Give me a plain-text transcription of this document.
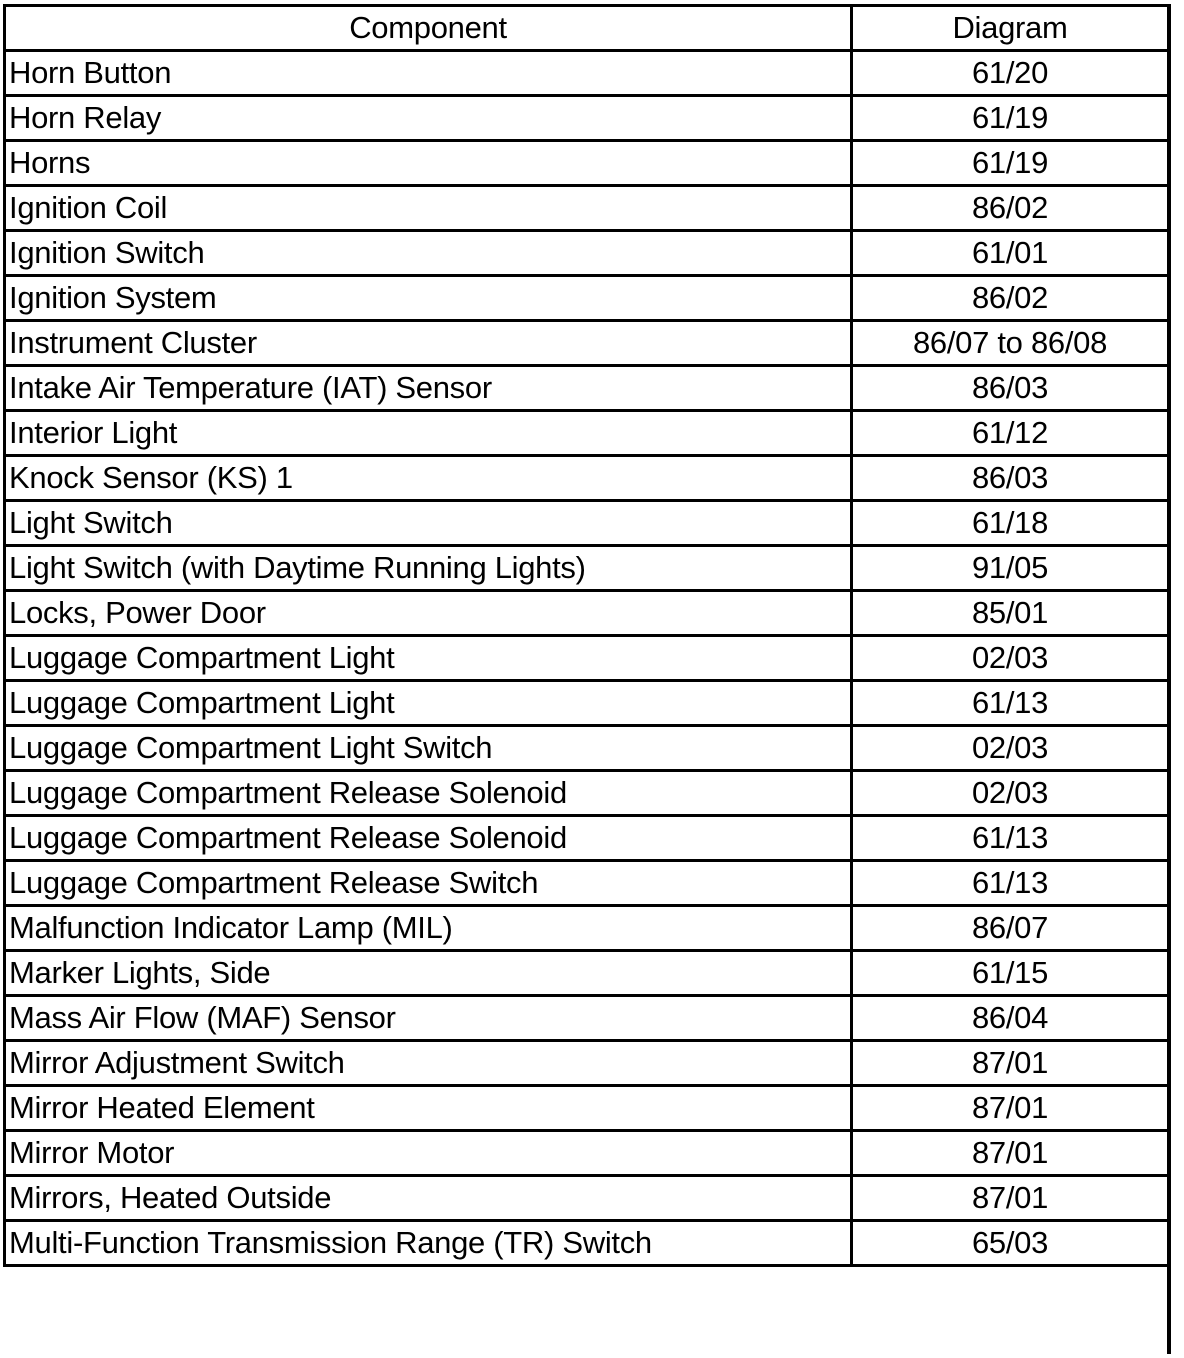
Component	Diagram
Horn Button	61/20
Horn Relay	61/19
Horns	61/19
Ignition Coil	86/02
Ignition Switch	61/01
Ignition System	86/02
Instrument Cluster	86/07 to 86/08
Intake Air Temperature (IAT) Sensor	86/03
Interior Light	61/12
Knock Sensor (KS) 1	86/03
Light Switch	61/18
Light Switch (with Daytime Running Lights)	91/05
Locks, Power Door	85/01
Luggage Compartment Light	02/03
Luggage Compartment Light	61/13
Luggage Compartment Light Switch	02/03
Luggage Compartment Release Solenoid	02/03
Luggage Compartment Release Solenoid	61/13
Luggage Compartment Release Switch	61/13
Malfunction Indicator Lamp (MIL)	86/07
Marker Lights, Side	61/15
Mass Air Flow (MAF) Sensor	86/04
Mirror Adjustment Switch	87/01
Mirror Heated Element	87/01
Mirror Motor	87/01
Mirrors, Heated Outside	87/01
Multi-Function Transmission Range (TR) Switch	65/03
